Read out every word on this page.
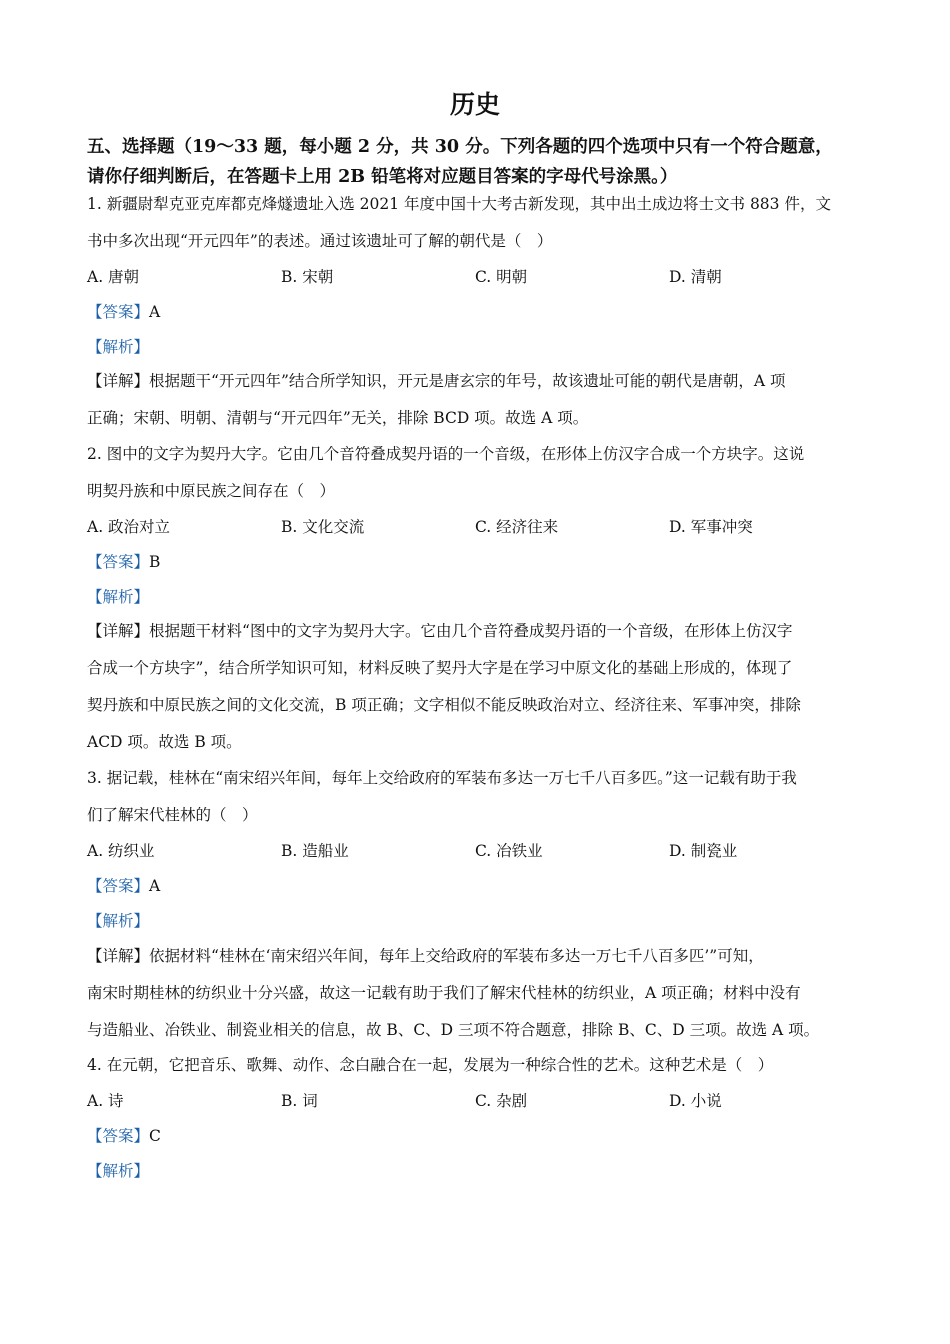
历史
五、选择题（19～33 题，每小题 2 分，共 30 分。下列各题的四个选项中只有一个符合题意，
请你仔细判断后，在答题卡上用 2B 铅笔将对应题目答案的字母代号涂黑。）
1. 新疆尉犁克亚克库都克烽燧遗址入选 2021 年度中国十大考古新发现，其中出土成边将士文书 883 件，文
书中多次出现“开元四年”的表述。通过该遗址可了解的朝代是（　）
A. 唐朝	B. 宋朝	C. 明朝	D. 清朝
【答案】A
【解析】
【详解】根据题干“开元四年”结合所学知识，开元是唐玄宗的年号，故该遗址可能的朝代是唐朝，A 项
正确；宋朝、明朝、清朝与“开元四年”无关，排除 BCD 项。故选 A 项。
2. 图中的文字为契丹大字。它由几个音符叠成契丹语的一个音级，在形体上仿汉字合成一个方块字。这说
明契丹族和中原民族之间存在（　）
A. 政治对立	B. 文化交流	C. 经济往来	D. 军事冲突
【答案】B
【解析】
【详解】根据题干材料“图中的文字为契丹大字。它由几个音符叠成契丹语的一个音级，在形体上仿汉字
合成一个方块字”，结合所学知识可知，材料反映了契丹大字是在学习中原文化的基础上形成的，体现了
契丹族和中原民族之间的文化交流，B 项正确；文字相似不能反映政治对立、经济往来、军事冲突，排除
ACD 项。故选 B 项。
3. 据记载，桂林在“南宋绍兴年间，每年上交给政府的军装布多达一万七千八百多匹。”这一记载有助于我
们了解宋代桂林的（　）
A. 纺织业	B. 造船业	C. 冶铁业	D. 制瓷业
【答案】A
【解析】
【详解】依据材料“桂林在‘南宋绍兴年间，每年上交给政府的军装布多达一万七千八百多匹’”可知，
南宋时期桂林的纺织业十分兴盛，故这一记载有助于我们了解宋代桂林的纺织业，A 项正确；材料中没有
与造船业、冶铁业、制瓷业相关的信息，故 B、C、D 三项不符合题意，排除 B、C、D 三项。故选 A 项。
4. 在元朝，它把音乐、歌舞、动作、念白融合在一起，发展为一种综合性的艺术。这种艺术是（　）
A. 诗	B. 词	C. 杂剧	D. 小说
【答案】C
【解析】
